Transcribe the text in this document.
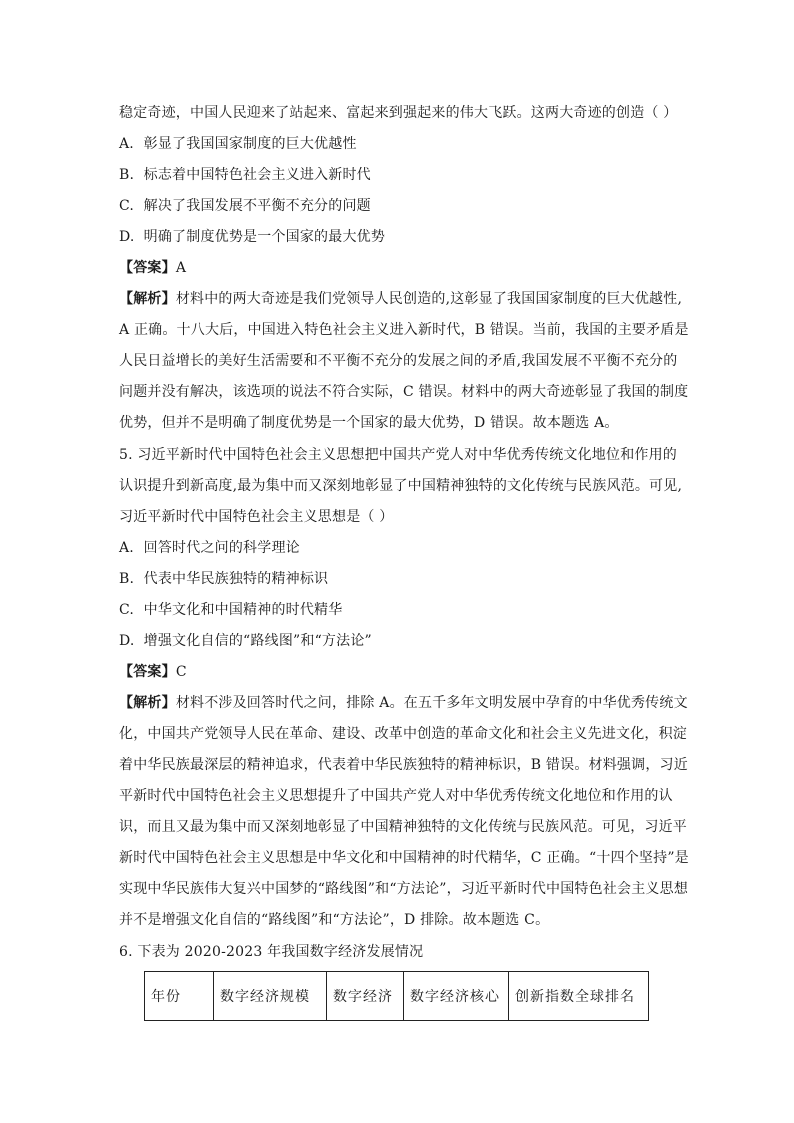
稳定奇迹，中国人民迎来了站起来、富起来到强起来的伟大飞跃。这两大奇迹的创造（ ）
A. 彰显了我国国家制度的巨大优越性
B. 标志着中国特色社会主义进入新时代
C. 解决了我国发展不平衡不充分的问题
D. 明确了制度优势是一个国家的最大优势
【答案】A
【解析】材料中的两大奇迹是我们党领导人民创造的,这彰显了我国国家制度的巨大优越性,
A 正确。十八大后，中国进入特色社会主义进入新时代，B 错误。当前，我国的主要矛盾是
人民日益增长的美好生活需要和不平衡不充分的发展之间的矛盾,我国发展不平衡不充分的
问题并没有解决，该选项的说法不符合实际，C 错误。材料中的两大奇迹彰显了我国的制度
优势，但并不是明确了制度优势是一个国家的最大优势，D 错误。故本题选 A。
5. 习近平新时代中国特色社会主义思想把中国共产党人对中华优秀传统文化地位和作用的
认识提升到新高度,最为集中而又深刻地彰显了中国精神独特的文化传统与民族风范。可见,
习近平新时代中国特色社会主义思想是（ ）
A. 回答时代之问的科学理论
B. 代表中华民族独特的精神标识
C. 中华文化和中国精神的时代精华
D. 增强文化自信的“路线图”和“方法论”
【答案】C
【解析】材料不涉及回答时代之问，排除 A。在五千多年文明发展中孕育的中华优秀传统文
化，中国共产党领导人民在革命、建设、改革中创造的革命文化和社会主义先进文化，积淀
着中华民族最深层的精神追求，代表着中华民族独特的精神标识，B 错误。材料强调，习近
平新时代中国特色社会主义思想提升了中国共产党人对中华优秀传统文化地位和作用的认
识，而且又最为集中而又深刻地彰显了中国精神独特的文化传统与民族风范。可见，习近平
新时代中国特色社会主义思想是中华文化和中国精神的时代精华，C 正确。“十四个坚持”是
实现中华民族伟大复兴中国梦的“路线图”和“方法论”，习近平新时代中国特色社会主义思想
并不是增强文化自信的“路线图”和“方法论”，D 排除。故本题选 C。
6. 下表为 2020-2023 年我国数字经济发展情况
年份	数字经济规模	数字经济	数字经济核心	创新指数全球排名
